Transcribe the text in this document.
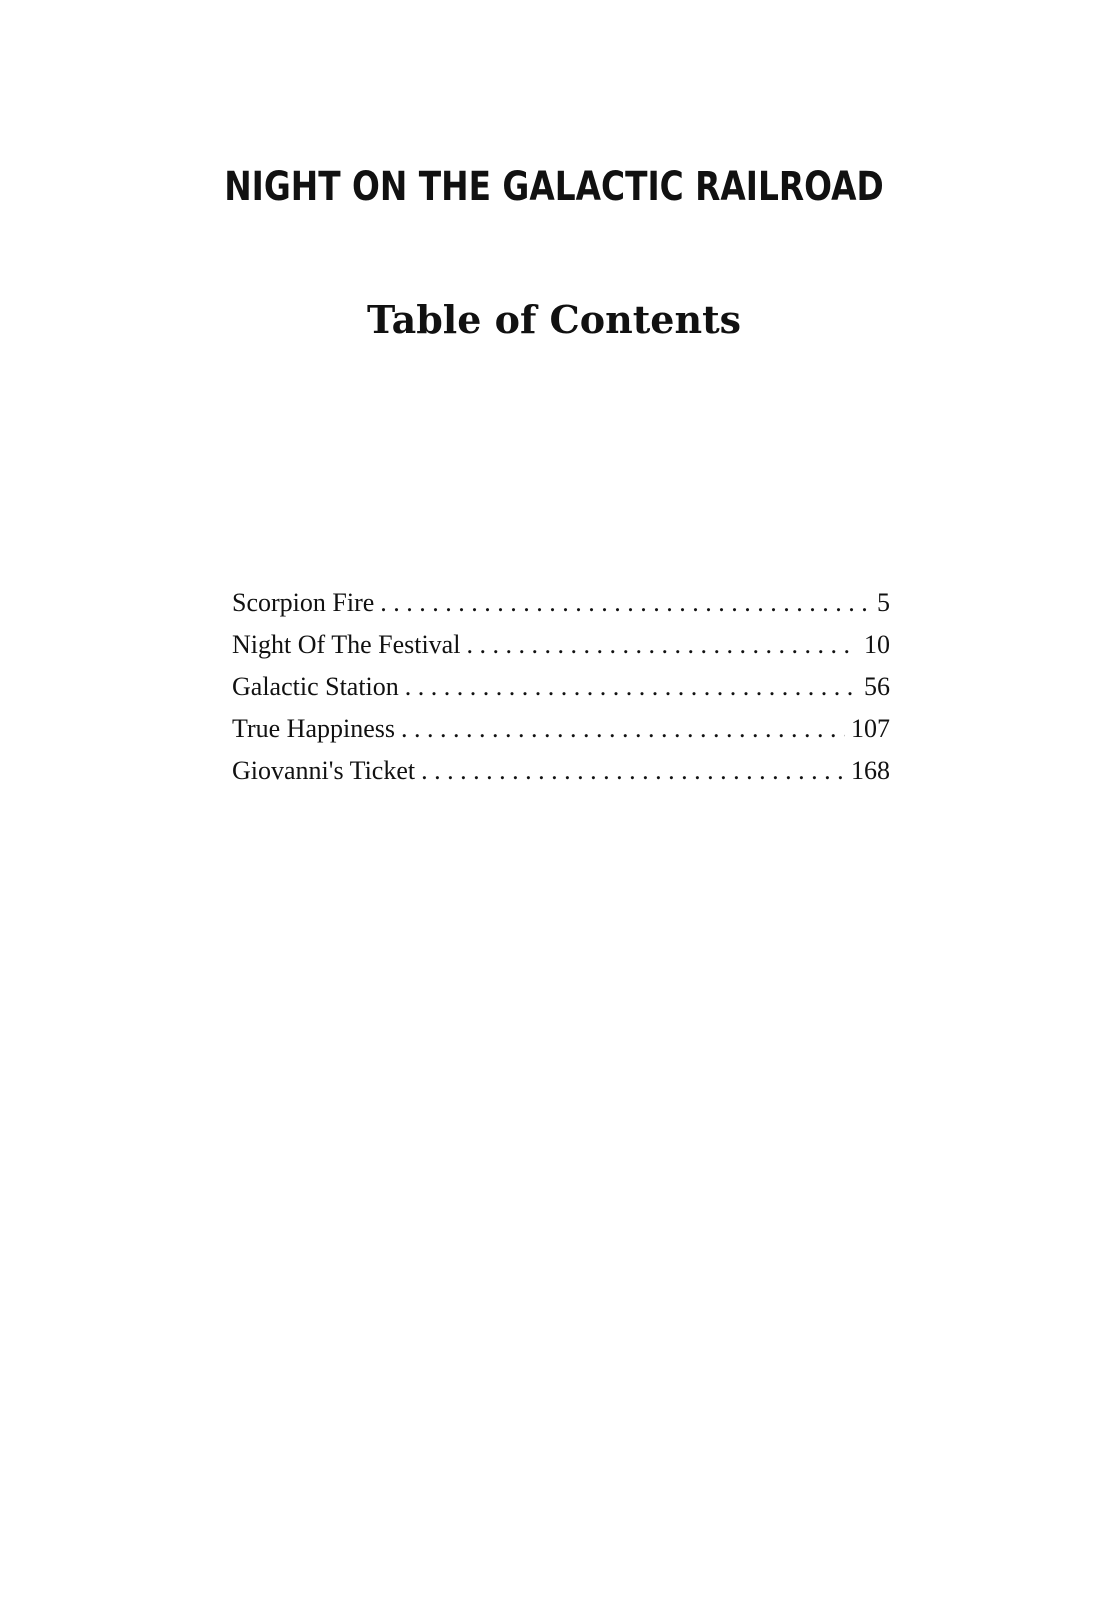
NIGHT ON THE GALACTIC RAILROAD
Table of Contents
Scorpion Fire . . .	5
Night Of The Festival . . .	10
Galactic Station . . .	56
True Happiness . . .	107
Giovanni's Ticket . . .	168
